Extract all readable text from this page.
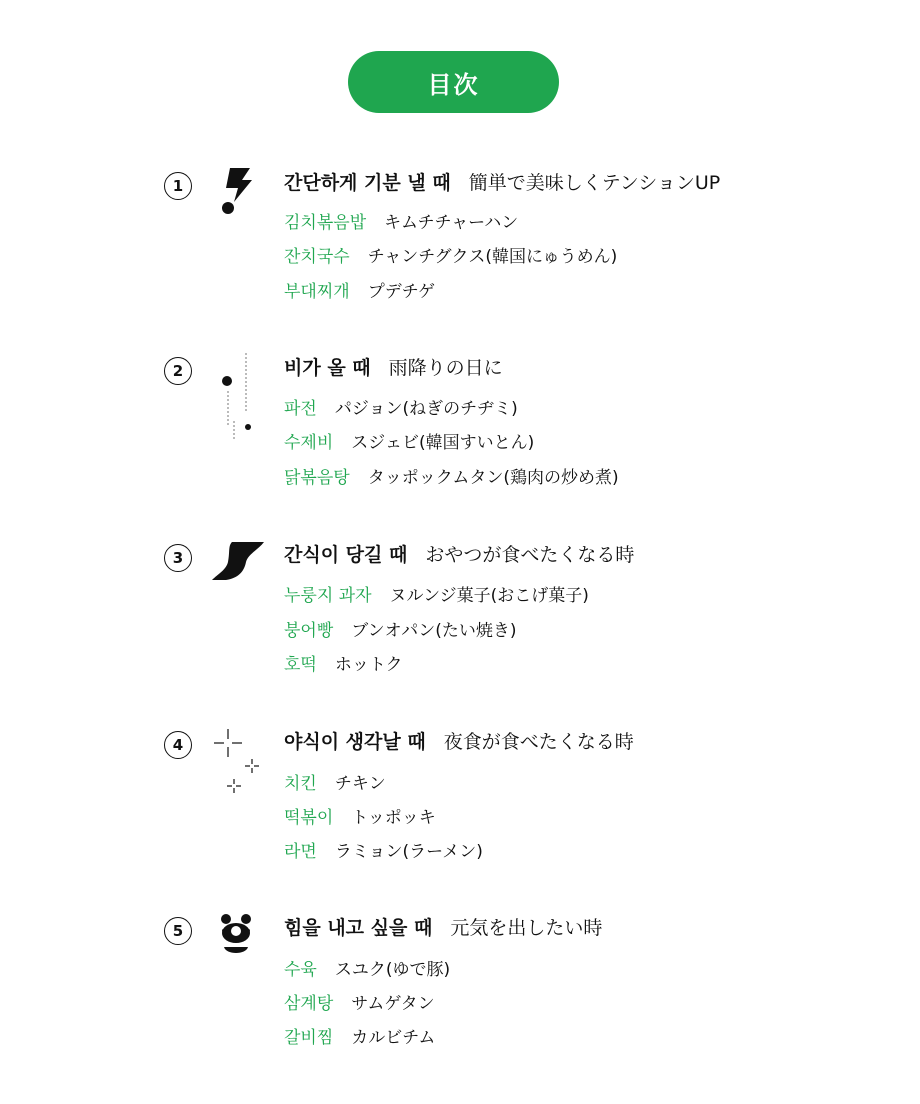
目次
1	간단하게 기분 낼 때 簡単で美味しくテンションUP
김치볶음밥 キムチチャーハン
잔치국수 チャンチグクス(韓国にゅうめん)
부대찌개 プデチゲ
2	비가 올 때 雨降りの日に
파전 パジョン(ねぎのチヂミ)
수제비 スジェビ(韓国すいとん)
닭볶음탕 タッポックムタン(鶏肉の炒め煮)
3	간식이 당길 때 おやつが食べたくなる時
누룽지 과자 ヌルンジ菓子(おこげ菓子)
붕어빵 ブンオパン(たい焼き)
호떡 ホットク
4	야식이 생각날 때 夜食が食べたくなる時
치킨 チキン
떡볶이 トッポッキ
라면 ラミョン(ラーメン)
5	힘을 내고 싶을 때 元気を出したい時
수육 スユク(ゆで豚)
삼계탕 サムゲタン
갈비찜 カルビチム
